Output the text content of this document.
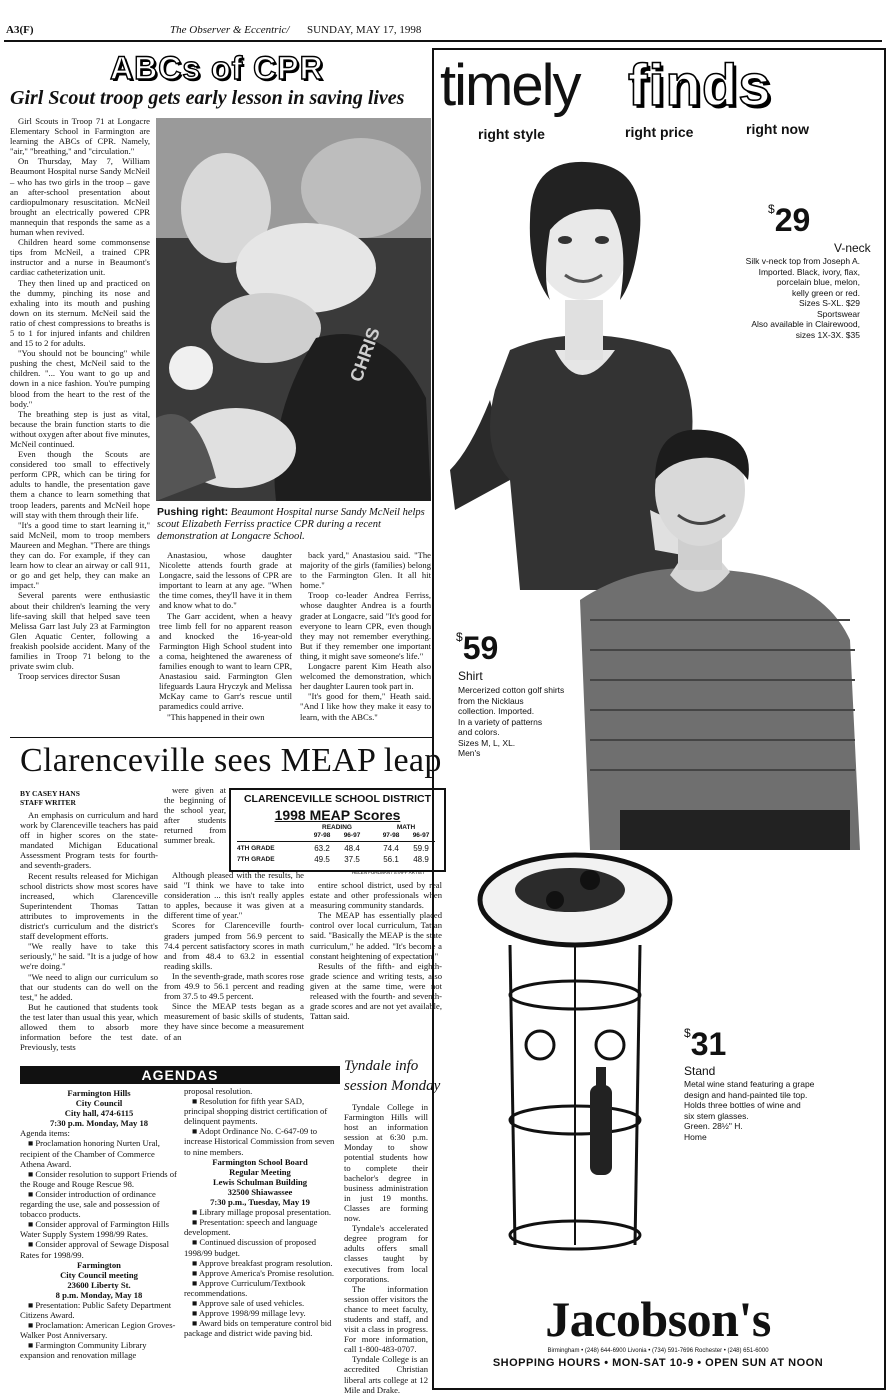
A3(F)	The Observer & Eccentric/ SUNDAY, MAY 17, 1998
ABCs of CPR
Girl Scout troop gets early lesson in saving lives

Girl Scouts in Troop 71 at Longacre Elementary School in Farmington are learning the ABCs of CPR. Namely, "air," "breathing," and "circulation."

On Thursday, May 7, William Beaumont Hospital nurse Sandy McNeil – who has two girls in the troop – gave an after-school presentation about cardiopulmonary resuscitation. McNeil brought an electrically powered CPR mannequin that responds the same as a human when revived.

Children heard some commonsense tips from McNeil, a trained CPR instructor and a nurse in Beaumont's cardiac catheterization unit.

They then lined up and practiced on the dummy, pinching its nose and exhaling into its mouth and pushing down on its sternum. McNeil said the ratio of chest compressions to breaths is 5 to 1 for injured infants and children and 15 to 2 for adults.

"You should not be bouncing" while pushing the chest, McNeil said to the children. "... You want to go up and down in a nice fashion. You're pumping blood from the heart to the rest of the body."

The breathing step is just as vital, because the brain function starts to die without oxygen after about five minutes, McNeil continued.

Even though the Scouts are considered too small to effectively perform CPR, which can be tiring for adults to handle, the presentation gave them a chance to learn something that troop leaders, parents and McNeil hope will stay with them through their life.

"It's a good time to start learning it," said McNeil, mom to troop members Maureen and Meghan. "There are things they can do. For example, if they can learn how to clear an airway or call 911, or go and get help, they can make an impact."

Several parents were enthusiastic about their children's learning the very life-saving skill that helped save teen Melissa Garr last July 23 at Farmington Glen Aquatic Center, following a freakish poolside accident. Many of the families in Troop 71 belong to the private swim club.

Troop services director Susan

CHRIS
Pushing right: Beaumont Hospital nurse Sandy McNeil helps scout Elizabeth Ferriss practice CPR during a recent demonstration at Longacre School.

Anastasiou, whose daughter Nicolette attends fourth grade at Longacre, said the lessons of CPR are important to learn at any age. "When the time comes, they'll have it in them and know what to do."

The Garr accident, when a heavy tree limb fell for no apparent reason and knocked the 16-year-old Farmington High School student into a coma, heightened the awareness of families enough to want to learn CPR, Anastasiou said. Farmington Glen lifeguards Laura Hryczyk and Melissa McKay came to Garr's rescue until paramedics could arrive.

"This happened in their own

back yard," Anastasiou said. "The majority of the girls (families) belong to the Farmington Glen. It all hit home."

Troop co-leader Andrea Ferriss, whose daughter Andrea is a fourth grader at Longacre, said "It's good for everyone to learn CPR, even though they may not remember everything. But if they remember one important thing, it might save someone's life."

Longacre parent Kim Heath also welcomed the demonstration, which her daughter Lauren took part in.

"It's good for them," Heath said. "And I like how they make it easy to learn, with the ABCs."

Clarenceville sees MEAP leap
BY CASEY HANS
STAFF WRITER

An emphasis on curriculum and hard work by Clarenceville teachers has paid off in higher scores on the state-mandated Michigan Educational Assessment Program tests for fourth- and seventh-graders.

Recent results released for Michigan school districts show most scores have increased, which Clarenceville Superintendent Thomas Tattan attributes to improvements in the district's curriculum and the district's staff development efforts.

"We really have to take this seriously," he said. "It is a judge of how we're doing."

"We need to align our curriculum so that our students can do well on the test," he added.

But he cautioned that students took the test later than usual this year, which allowed them to absorb more information before the test date. Previously, tests

were given at the beginning of the school year, after students returned from summer break.

Although pleased with the results, he said "I think we have to take into consideration ... this isn't really apples to apples, because it was given at a different time of year."

Scores for Clarenceville fourth-graders jumped from 56.9 percent to 74.4 percent satisfactory scores in math and from 48.4 to 63.2 in essential reading skills.

In the seventh-grade, math scores rose from 49.9 to 56.1 percent and reading from 37.5 to 49.5 percent.

Since the MEAP tests began as a measurement of basic skills of students, they have since become a measurement of an

entire school district, used by real estate and other professionals when measuring community standards.

The MEAP has essentially placed control over local curriculum, Tattan said. "Basically the MEAP is the state curriculum," he added. "It's become a constant heightening of expectation."

Results of the fifth- and eighth-grade science and writing tests, also given at the same time, were not released with the fourth- and seventh-grade scores and are not yet available, Tattan said.

CLARENCEVILLE SCHOOL DISTRICT
1998 MEAP Scores
READING	MATH
97-98	96-97	97-98	96-97
4TH GRADE	63.2	48.4	74.4	59.9
7TH GRADE	49.5	37.5	56.1	48.9
HELEN FUHLMAN / STAFF ARTIST
AGENDAS
Farmington Hills
City Council
City hall, 474-6115
7:30 p.m. Monday, May 18
Agenda items:
■ Proclamation honoring Nurten Ural, recipient of the Chamber of Commerce Athena Award.
■ Consider resolution to support Friends of the Rouge and Rouge Rescue 98.
■ Consider introduction of ordinance regarding the use, sale and possession of tobacco products.
■ Consider approval of Farmington Hills Water Supply System 1998/99 Rates.
■ Consider approval of Sewage Disposal Rates for 1998/99.
Farmington
City Council meeting
23600 Liberty St.
8 p.m. Monday, May 18
■ Presentation: Public Safety Department Citizens Award.
■ Proclamation: American Legion Groves-Walker Post Anniversary.
■ Farmington Community Library expansion and renovation millage
proposal resolution.
■ Resolution for fifth year SAD, principal shopping district certification of delinquent payments.
■ Adopt Ordinance No. C-647-09 to increase Historical Commission from seven to nine members.
Farmington School Board
Regular Meeting
Lewis Schulman Building
32500 Shiawassee
7:30 p.m., Tuesday, May 19
■ Library millage proposal presentation.
■ Presentation: speech and language development.
■ Continued discussion of proposed 1998/99 budget.
■ Approve breakfast program resolution.
■ Approve America's Promise resolution.
■ Approve Curriculum/Textbook recommendations.
■ Approve sale of used vehicles.
■ Approve 1998/99 millage levy.
■ Award bids on temperature control bid package and district wide paving bid.
Tyndale info
session Monday

Tyndale College in Farmington Hills will host an information session at 6:30 p.m. Monday to show potential students how to complete their bachelor's degree in business administration in just 19 months. Classes are forming now.

Tyndale's accelerated degree program for adults offers small classes taught by executives from local corporations.

The information session offer visitors the chance to meet faculty, students and staff, and visit a class in progress. For more information, call 1-800-483-0707.

Tyndale College is an accredited Christian liberal arts college at 12 Mile and Drake.

timely finds
right style	right price	right now
$29
V-neck
Silk v-neck top from Joseph A.
Imported. Black, ivory, flax,
porcelain blue, melon,
kelly green or red.
Sizes S-XL. $29
Sportswear
Also available in Clairewood,
sizes 1X-3X. $35
$59
Shirt
Mercerized cotton golf shirts
from the Nicklaus
collection. Imported.
In a variety of patterns
and colors.
Sizes M, L, XL.
Men's
$31
Stand
Metal wine stand featuring a grape
design and hand-painted tile top.
Holds three bottles of wine and
six stem glasses.
Green. 28½" H.
Home
Jacobson's
Birmingham • (248) 644-6900 Livonia • (734) 591-7696 Rochester • (248) 651-6000
SHOPPING HOURS • MON-SAT 10-9 • OPEN SUN AT NOON
